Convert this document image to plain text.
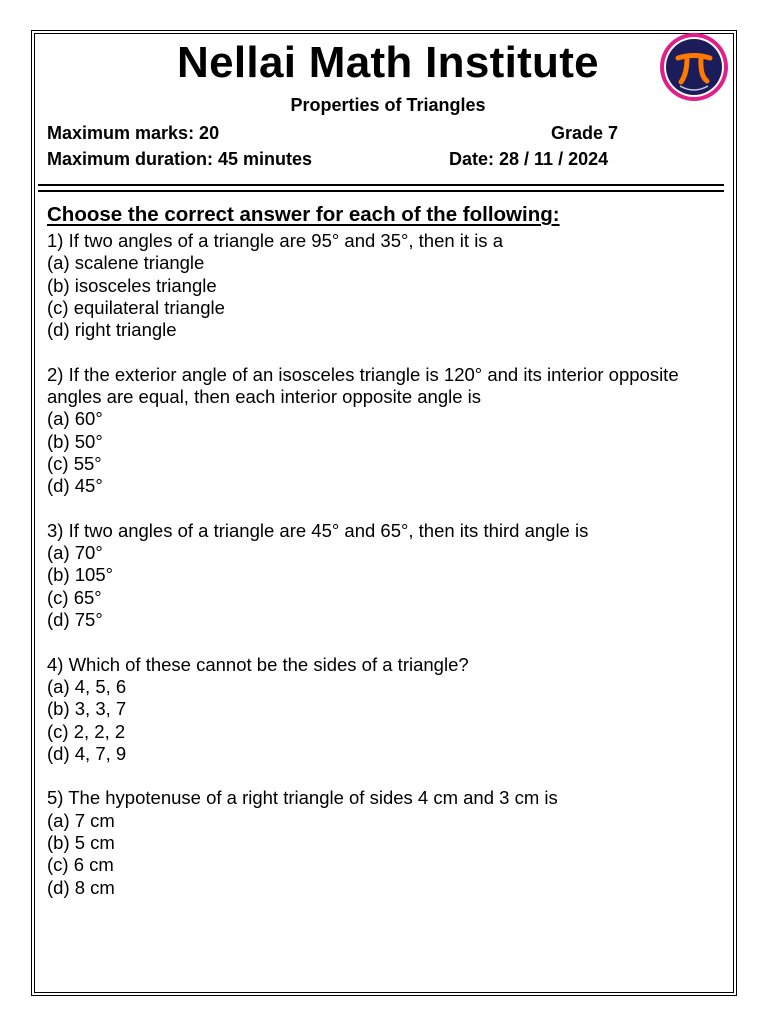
Nellai Math Institute
Properties of Triangles
Maximum marks: 20	Grade 7
Maximum duration: 45 minutes	Date: 28 / 11 / 2024
Choose the correct answer for each of the following:
1) If two angles of a triangle are 95° and 35°, then it is a
(a) scalene triangle
(b) isosceles triangle
(c) equilateral triangle
(d) right triangle
2) If the exterior angle of an isosceles triangle is 120° and its interior opposite angles are equal, then each interior opposite angle is
(a) 60°
(b) 50°
(c) 55°
(d) 45°
3) If two angles of a triangle are 45° and 65°, then its third angle is
(a) 70°
(b) 105°
(c) 65°
(d) 75°
4) Which of these cannot be the sides of a triangle?
(a) 4, 5, 6
(b) 3, 3, 7
(c) 2, 2, 2
(d) 4, 7, 9
5) The hypotenuse of a right triangle of sides 4 cm and 3 cm is
(a) 7 cm
(b) 5 cm
(c) 6 cm
(d) 8 cm
